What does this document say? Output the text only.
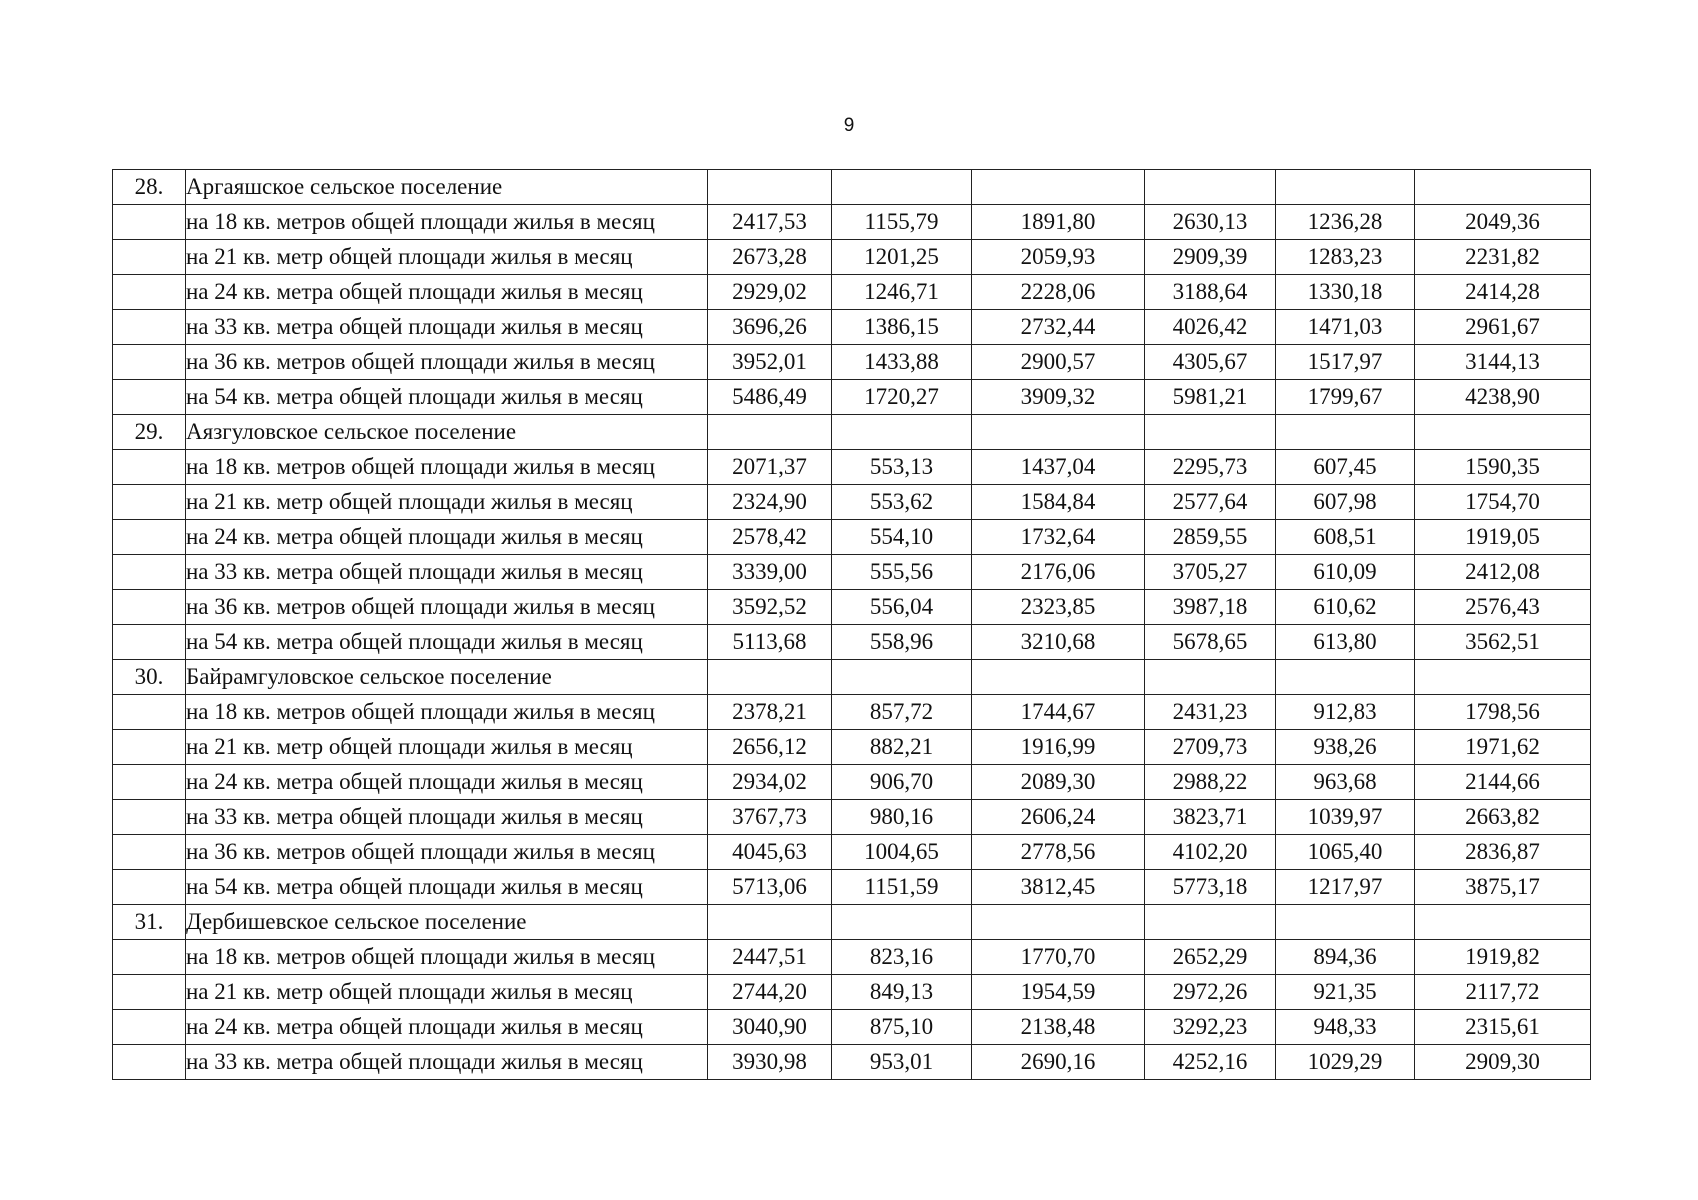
9
28.	Аргаяшское сельское поселение						
	на 18 кв. метров общей площади жилья в месяц	2417,53	1155,79	1891,80	2630,13	1236,28	2049,36
	на 21 кв. метр общей площади жилья в месяц	2673,28	1201,25	2059,93	2909,39	1283,23	2231,82
	на 24 кв. метра общей площади жилья в месяц	2929,02	1246,71	2228,06	3188,64	1330,18	2414,28
	на 33 кв. метра общей площади жилья в месяц	3696,26	1386,15	2732,44	4026,42	1471,03	2961,67
	на 36 кв. метров общей площади жилья в месяц	3952,01	1433,88	2900,57	4305,67	1517,97	3144,13
	на 54 кв. метра общей площади жилья в месяц	5486,49	1720,27	3909,32	5981,21	1799,67	4238,90
29.	Аязгуловское сельское поселение						
	на 18 кв. метров общей площади жилья в месяц	2071,37	553,13	1437,04	2295,73	607,45	1590,35
	на 21 кв. метр общей площади жилья в месяц	2324,90	553,62	1584,84	2577,64	607,98	1754,70
	на 24 кв. метра общей площади жилья в месяц	2578,42	554,10	1732,64	2859,55	608,51	1919,05
	на 33 кв. метра общей площади жилья в месяц	3339,00	555,56	2176,06	3705,27	610,09	2412,08
	на 36 кв. метров общей площади жилья в месяц	3592,52	556,04	2323,85	3987,18	610,62	2576,43
	на 54 кв. метра общей площади жилья в месяц	5113,68	558,96	3210,68	5678,65	613,80	3562,51
30.	Байрамгуловское сельское поселение						
	на 18 кв. метров общей площади жилья в месяц	2378,21	857,72	1744,67	2431,23	912,83	1798,56
	на 21 кв. метр общей площади жилья в месяц	2656,12	882,21	1916,99	2709,73	938,26	1971,62
	на 24 кв. метра общей площади жилья в месяц	2934,02	906,70	2089,30	2988,22	963,68	2144,66
	на 33 кв. метра общей площади жилья в месяц	3767,73	980,16	2606,24	3823,71	1039,97	2663,82
	на 36 кв. метров общей площади жилья в месяц	4045,63	1004,65	2778,56	4102,20	1065,40	2836,87
	на 54 кв. метра общей площади жилья в месяц	5713,06	1151,59	3812,45	5773,18	1217,97	3875,17
31.	Дербишевское сельское поселение						
	на 18 кв. метров общей площади жилья в месяц	2447,51	823,16	1770,70	2652,29	894,36	1919,82
	на 21 кв. метр общей площади жилья в месяц	2744,20	849,13	1954,59	2972,26	921,35	2117,72
	на 24 кв. метра общей площади жилья в месяц	3040,90	875,10	2138,48	3292,23	948,33	2315,61
	на 33 кв. метра общей площади жилья в месяц	3930,98	953,01	2690,16	4252,16	1029,29	2909,30
